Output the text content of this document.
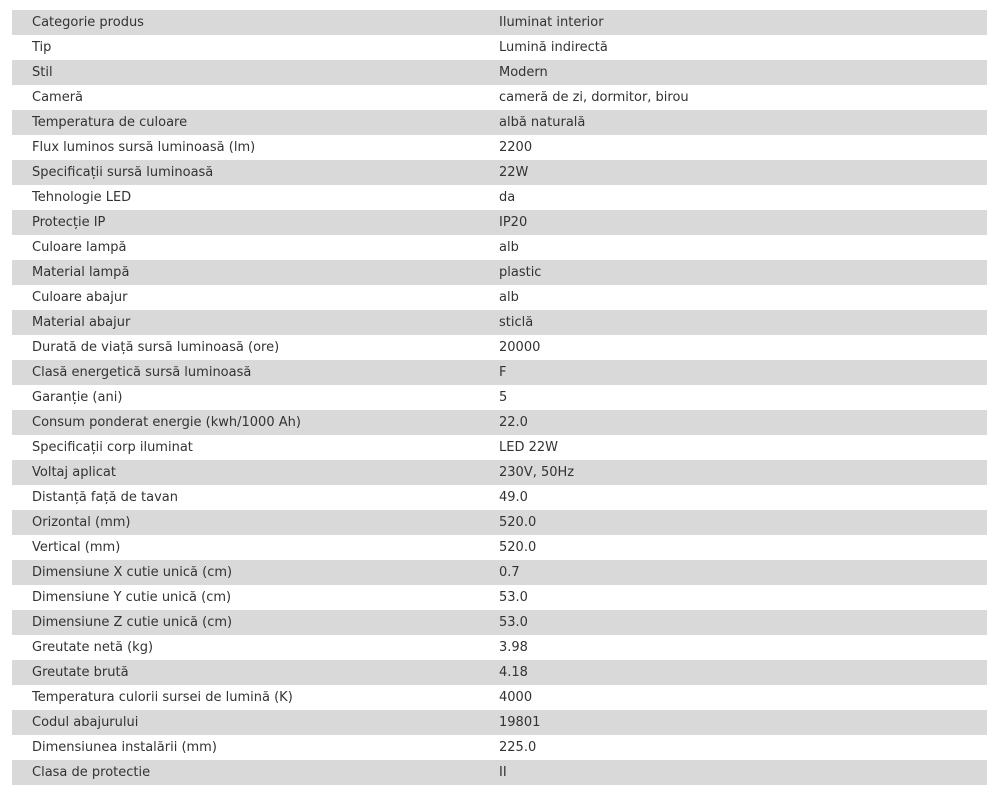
Categorie produs	Iluminat interior
Tip	Lumină indirectă
Stil	Modern
Cameră	cameră de zi, dormitor, birou
Temperatura de culoare	albă naturală
Flux luminos sursă luminoasă (lm)	2200
Specificații sursă luminoasă	22W
Tehnologie LED	da
Protecție IP	IP20
Culoare lampă	alb
Material lampă	plastic
Culoare abajur	alb
Material abajur	sticlă
Durată de viață sursă luminoasă (ore)	20000
Clasă energetică sursă luminoasă	F
Garanție (ani)	5
Consum ponderat energie (kwh/1000 Ah)	22.0
Specificații corp iluminat	LED 22W
Voltaj aplicat	230V, 50Hz
Distanță față de tavan	49.0
Orizontal (mm)	520.0
Vertical (mm)	520.0
Dimensiune X cutie unică (cm)	0.7
Dimensiune Y cutie unică (cm)	53.0
Dimensiune Z cutie unică (cm)	53.0
Greutate netă (kg)	3.98
Greutate brută	4.18
Temperatura culorii sursei de lumină (K)	4000
Codul abajurului	19801
Dimensiunea instalării (mm)	225.0
Clasa de protectie	II
